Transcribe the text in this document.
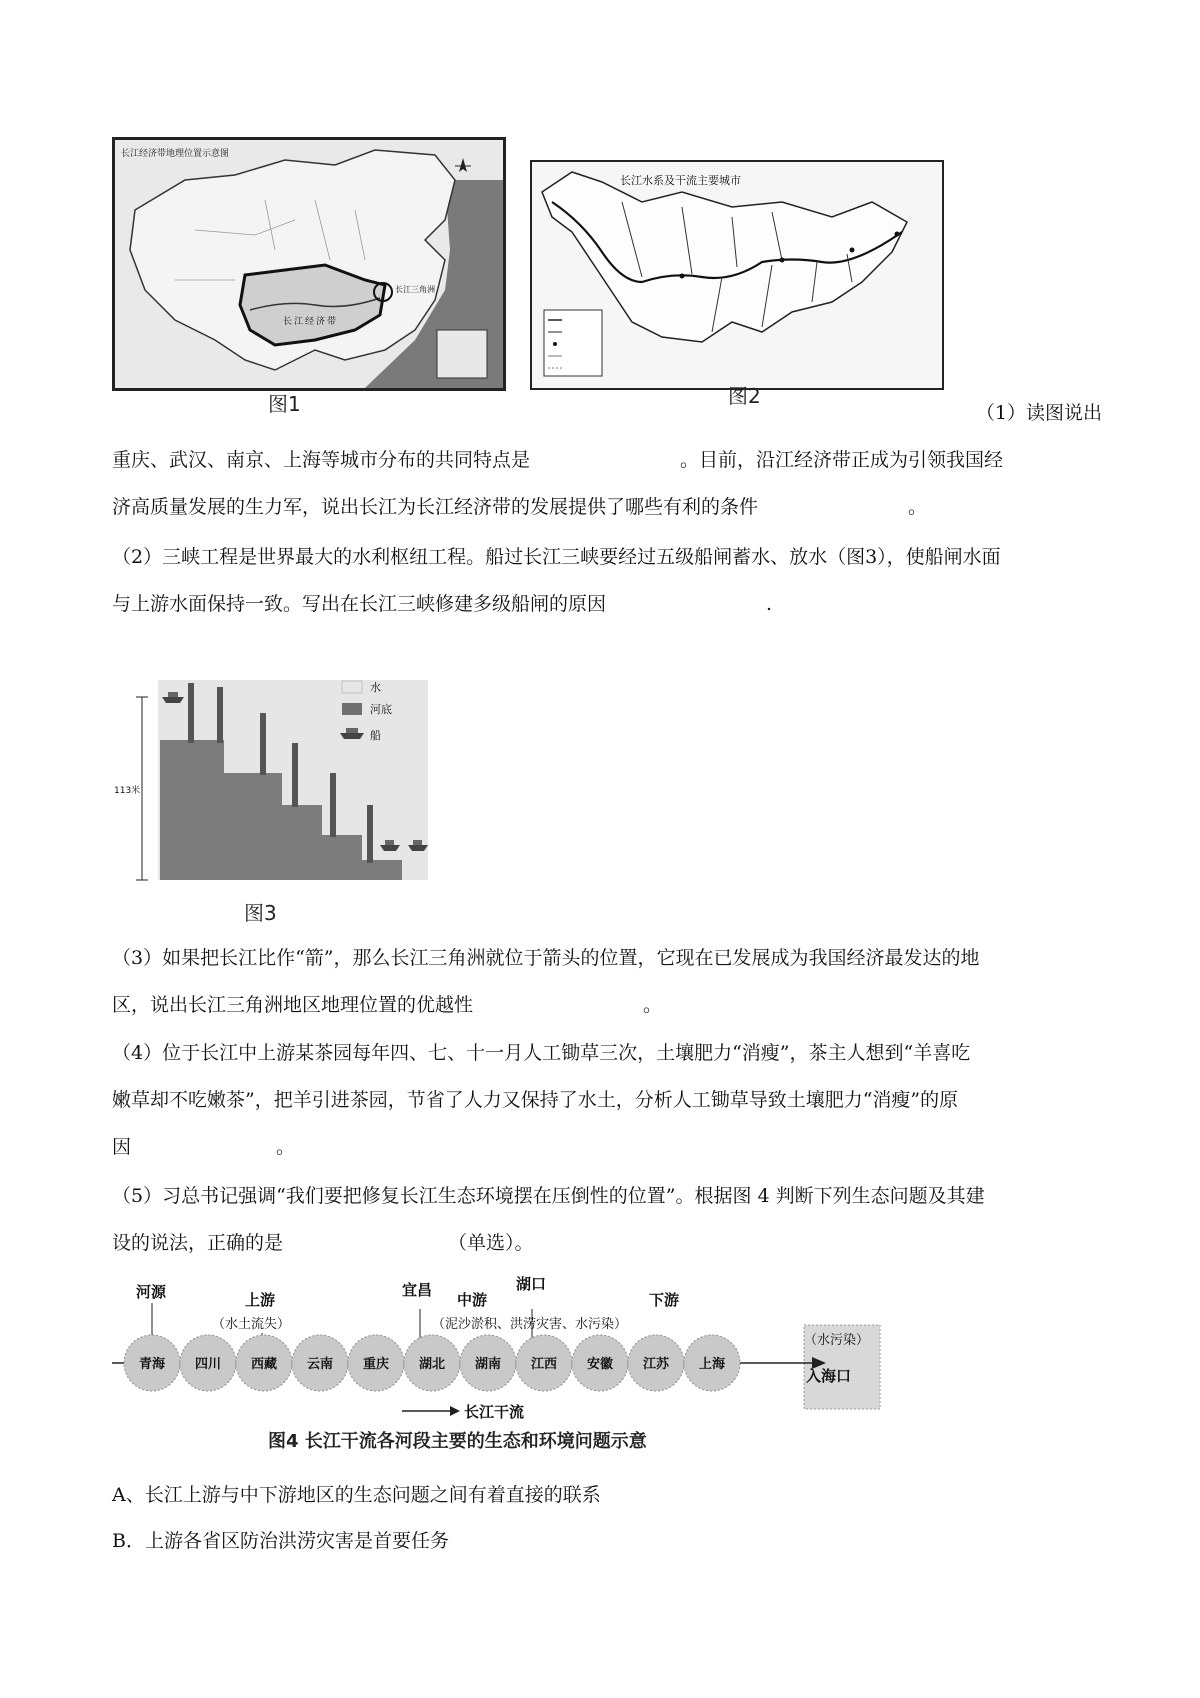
长江经济带地理位置示意图
长江三角洲
长江经济带
图1
长江水系及干流主要城市
图2
（1）读图说出
重庆、武汉、南京、上海等城市分布的共同特点是	。目前，沿江经济带正成为引领我国经
济高质量发展的生力军，说出长江为长江经济带的发展提供了哪些有利的条件	。
（2）三峡工程是世界最大的水利枢纽工程。船过长江三峡要经过五级船闸蓄水、放水（图3），使船闸水面
与上游水面保持一致。写出在长江三峡修建多级船闸的原因	.
113米
水
河底
船
图3
（3）如果把长江比作“箭”，那么长江三角洲就位于箭头的位置，它现在已发展成为我国经济最发达的地
区，说出长江三角洲地区地理位置的优越性	。
（4）位于长江中上游某茶园每年四、七、十一月人工锄草三次，土壤肥力“消瘦”，茶主人想到“羊喜吃
嫩草却不吃嫩茶”，把羊引进茶园，节省了人力又保持了水土，分析人工锄草导致土壤肥力“消瘦”的原
因	。
（5）习总书记强调“我们要把修复长江生态环境摆在压倒性的位置”。根据图 4 判断下列生态问题及其建
设的说法，正确的是	（单选）。
青海 四川 西藏 云南 重庆 湖北 湖南 江西 安徽 江苏 上海
河源	上游
（水土流失）
宜昌
中游
（泥沙淤积、洪涝灾害、水污染）
湖口
下游
（水污染）
入海口
长江干流
图4 长江干流各河段主要的生态和环境问题示意
A、长江上游与中下游地区的生态问题之间有着直接的联系
B．上游各省区防治洪涝灾害是首要任务
